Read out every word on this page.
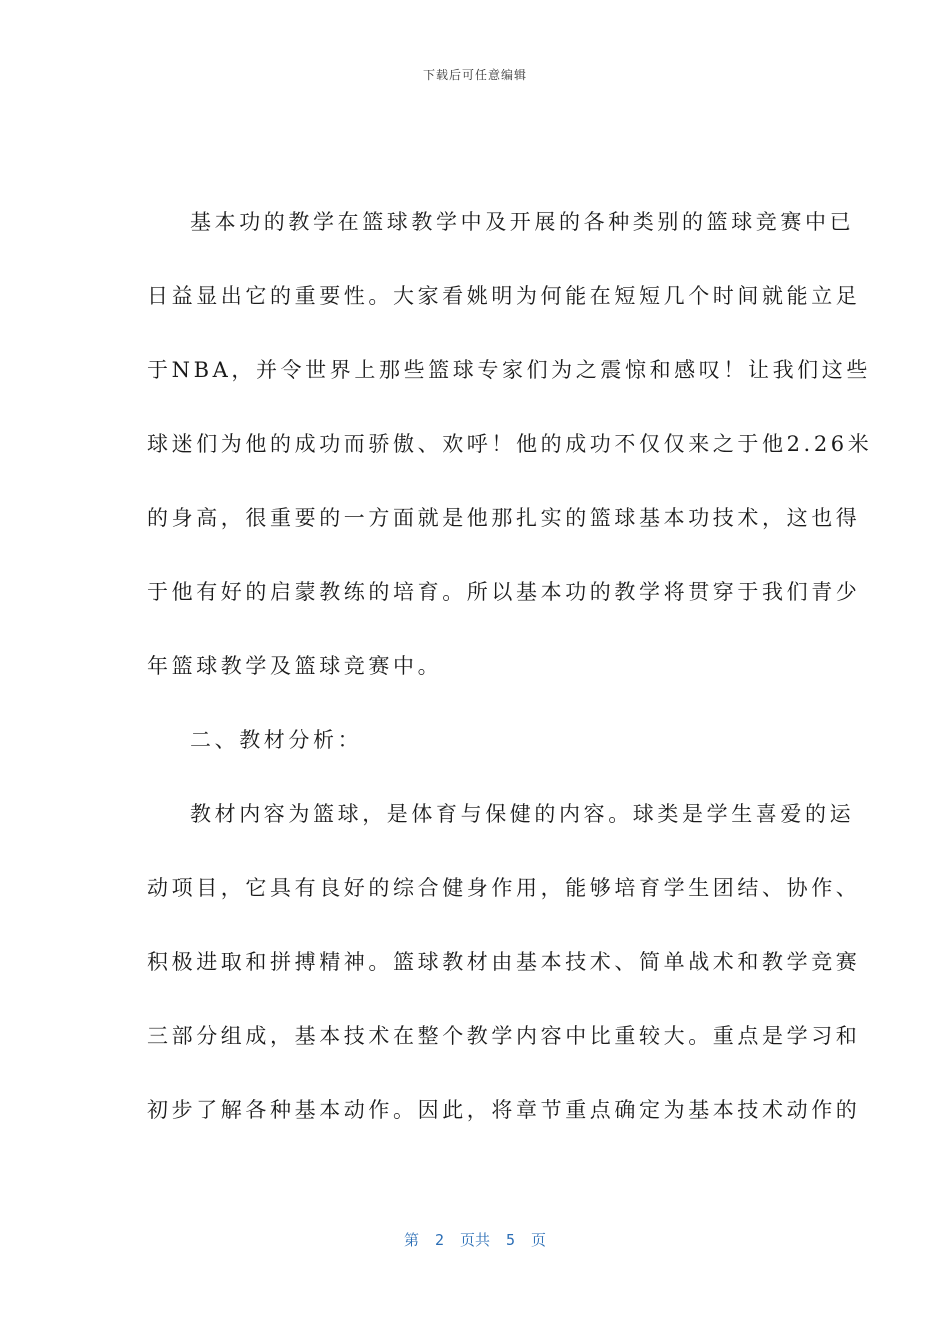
下载后可任意编辑
基本功的教学在篮球教学中及开展的各种类别的篮球竞赛中已
日益显出它的重要性。大家看姚明为何能在短短几个时间就能立足
于NBA，并令世界上那些篮球专家们为之震惊和感叹！让我们这些
球迷们为他的成功而骄傲、欢呼！他的成功不仅仅来之于他2.26米
的身高，很重要的一方面就是他那扎实的篮球基本功技术，这也得
于他有好的启蒙教练的培育。所以基本功的教学将贯穿于我们青少
年篮球教学及篮球竞赛中。
二、教材分析：
教材内容为篮球，是体育与保健的内容。球类是学生喜爱的运
动项目，它具有良好的综合健身作用，能够培育学生团结、协作、
积极进取和拼搏精神。篮球教材由基本技术、简单战术和教学竞赛
三部分组成，基本技术在整个教学内容中比重较大。重点是学习和
初步了解各种基本动作。因此，将章节重点确定为基本技术动作的
第 2 页共 5 页
